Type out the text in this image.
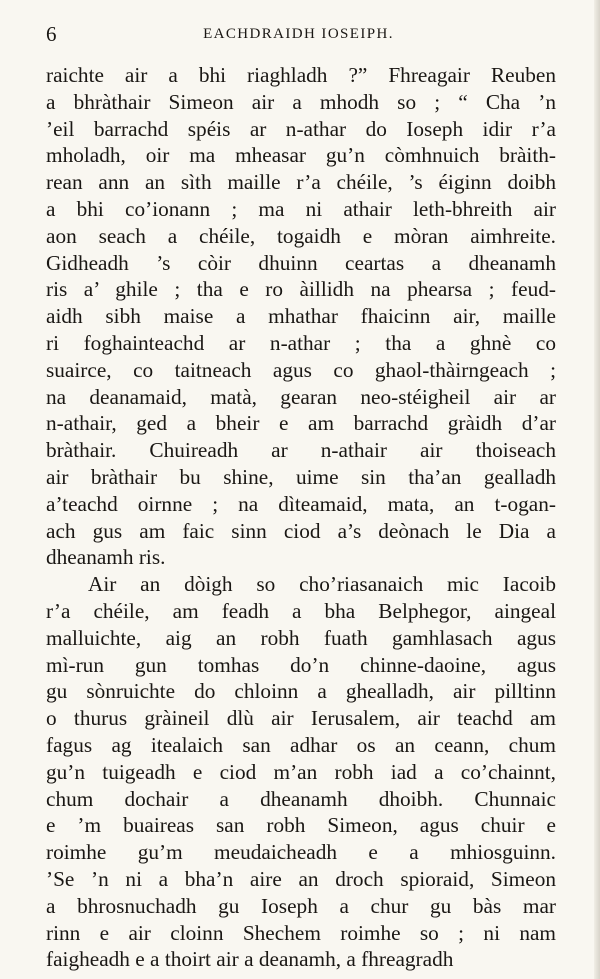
6	EACHDRAIDH IOSEIPH.
raichte air a bhi riaghladh ?” Fhreagair Reuben
a bhràthair Simeon air a mhodh so ; “ Cha ’n
’eil barrachd spéis ar n-athar do Ioseph idir r’a
mholadh, oir ma mheasar gu’n còmhnuich bràith-
rean ann an sìth maille r’a chéile, ’s éiginn doibh
a bhi co’ionann ; ma ni athair leth-bhreith air
aon seach a chéile, togaidh e mòran aimhreite.
Gidheadh ’s còir dhuinn ceartas a dheanamh
ris a’ ghile ; tha e ro àillidh na phearsa ; feud-
aidh sibh maise a mhathar fhaicinn air, maille
ri foghainteachd ar n-athar ; tha a ghnè co
suairce, co taitneach agus co ghaol-thàirngeach ;
na deanamaid, matà, gearan neo-stéigheil air ar
n-athair, ged a bheir e am barrachd gràidh d’ar
bràthair. Chuireadh ar n-athair air thoiseach
air bràthair bu shine, uime sin tha’an gealladh
a’teachd oirnne ; na dìteamaid, mata, an t-ogan-
ach gus am faic sinn ciod a’s deònach le Dia a
dheanamh ris.
Air an dòigh so cho’riasanaich mic Iacoib
r’a chéile, am feadh a bha Belphegor, aingeal
malluichte, aig an robh fuath gamhlasach agus
mì-run gun tomhas do’n chinne-daoine, agus
gu sònruichte do chloinn a ghealladh, air pilltinn
o thurus gràineil dlù air Ierusalem, air teachd am
fagus ag itealaich san adhar os an ceann, chum
gu’n tuigeadh e ciod m’an robh iad a co’chainnt,
chum dochair a dheanamh dhoibh. Chunnaic
e ’m buaireas san robh Simeon, agus chuir e
roimhe gu’m meudaicheadh e a mhiosguinn.
’Se ’n ni a bha’n aire an droch spioraid, Simeon
a bhrosnuchadh gu Ioseph a chur gu bàs mar
rinn e air cloinn Shechem roimhe so ; ni nam
faigheadh e a thoirt air a deanamh, a fhreagradh
